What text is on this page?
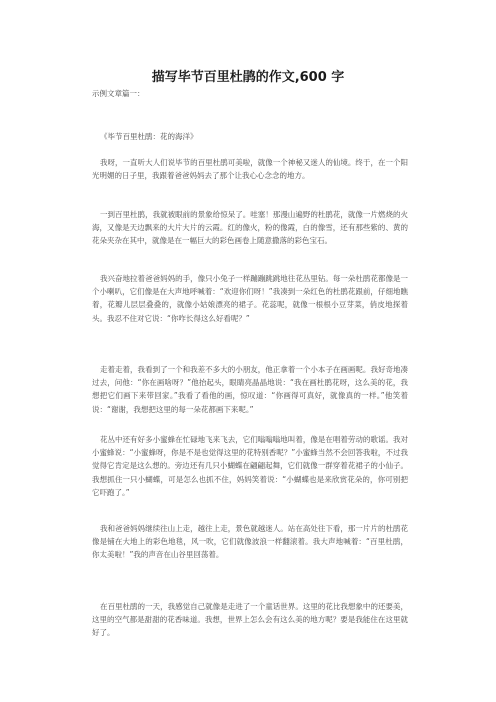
描写毕节百里杜鹃的作文,600 字
示例文章篇一：
《毕节百里杜鹃：花的海洋》

我呀，一直听大人们说毕节的百里杜鹃可美啦，就像一个神秘又迷人的仙境。终于，在一个阳光明媚的日子里，我跟着爸爸妈妈去了那个让我心心念念的地方。

一到百里杜鹃，我就被眼前的景象给惊呆了。哇塞！那漫山遍野的杜鹃花，就像一片燃烧的火海，又像是天边飘来的大片大片的云霞。红的像火，粉的像霞，白的像雪，还有那些紫的、黄的花朵夹杂在其中，就像是在一幅巨大的彩色画卷上随意撒落的彩色宝石。

我兴奋地拉着爸爸妈妈的手，像只小兔子一样蹦蹦跳跳地往花丛里钻。每一朵杜鹃花都像是一个小喇叭，它们像是在大声地呼喊着：“欢迎你们呀！”我凑到一朵红色的杜鹃花跟前，仔细地瞧着，花瓣儿层层叠叠的，就像小姑娘漂亮的裙子。花蕊呢，就像一根根小豆芽菜，俏皮地探着头。我忍不住对它说：“你咋长得这么好看呢？”

走着走着，我看到了一个和我差不多大的小朋友，他正拿着一个小本子在画画呢。我好奇地凑过去，问他：“你在画啥呀？”他抬起头，眼睛亮晶晶地说：“我在画杜鹃花呀，这么美的花，我想把它们画下来带回家。”我看了看他的画，惊叹道：“你画得可真好，就像真的一样。”他笑着说：“谢谢，我想把这里的每一朵花都画下来呢。”

花丛中还有好多小蜜蜂在忙碌地飞来飞去，它们嗡嗡嗡地叫着，像是在唱着劳动的歌谣。我对小蜜蜂说：“小蜜蜂呀，你是不是也觉得这里的花特别香呢？”小蜜蜂当然不会回答我啦，不过我觉得它肯定是这么想的。旁边还有几只小蝴蝶在翩翩起舞，它们就像一群穿着花裙子的小仙子。我想抓住一只小蝴蝶，可是怎么也抓不住，妈妈笑着说：“小蝴蝶也是来欣赏花朵的，你可别把它吓跑了。”

我和爸爸妈妈继续往山上走，越往上走，景色就越迷人。站在高处往下看，那一片片的杜鹃花像是铺在大地上的彩色地毯，风一吹，它们就像波浪一样翻滚着。我大声地喊着：“百里杜鹃，你太美啦！”我的声音在山谷里回荡着。

在百里杜鹃的一天，我感觉自己就像是走进了一个童话世界。这里的花比我想象中的还要美，这里的空气都是甜甜的花香味道。我想，世界上怎么会有这么美的地方呢？要是我能住在这里就好了。
